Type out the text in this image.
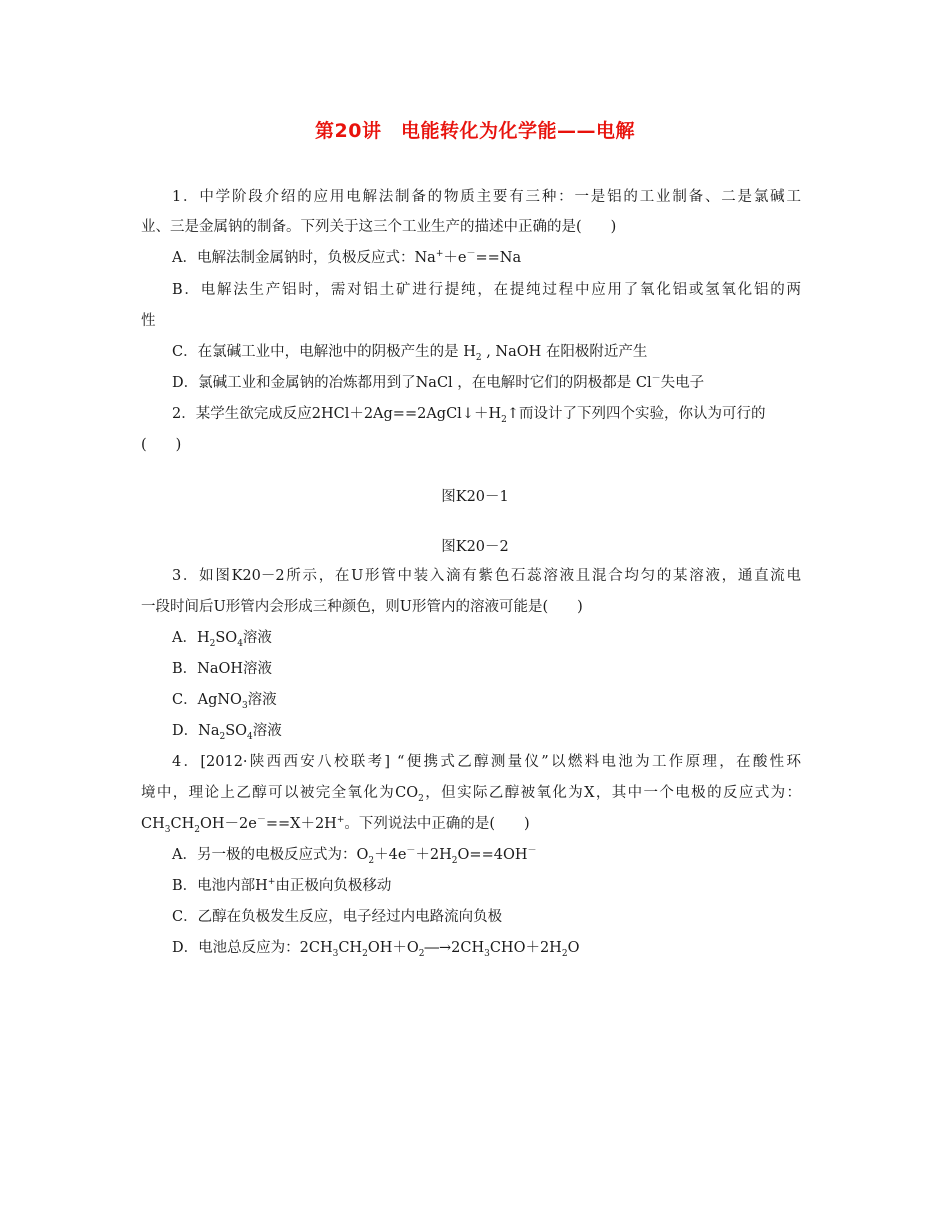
第20讲　电能转化为化学能——电解
1．中学阶段介绍的应用电解法制备的物质主要有三种：一是铝的工业制备、二是氯碱工
业、三是金属钠的制备。下列关于这三个工业生产的描述中正确的是(　　)
A．电解法制金属钠时，负极反应式：Na+＋e－==Na
B．电解法生产铝时，需对铝土矿进行提纯，在提纯过程中应用了氧化铝或氢氧化铝的两
性
C．在氯碱工业中，电解池中的阴极产生的是 $H_2$ , NaOH 在阳极附近产生
D．氯碱工业和金属钠的冶炼都用到了NaCl ，在电解时它们的阴极都是 Cl－失电子
2．某学生欲完成反应$2HCl+2Ag==2AgCl↓+H_2↑$而设计了下列四个实验，你认为可行的
(　　)
图K20－1
图K20－2
3．如图K20－2所示，在U形管中装入滴有紫色石蕊溶液且混合均匀的某溶液，通直流电
一段时间后U形管内会形成三种颜色，则U形管内的溶液可能是(　　)
A．$H_2SO_4$溶液
B．NaOH溶液
C．AgNO$_3$溶液
D．$Na_2SO_4$溶液
4．[2012·陕西西安八校联考] “便携式乙醇测量仪”以燃料电池为工作原理，在酸性环
境中，理论上乙醇可以被完全氧化为$CO_2$，但实际乙醇被氧化为X，其中一个电极的反应式为：
$CH_3CH_2OH-2e^-==X+2H^+$。下列说法中正确的是(　　)
A．另一极的电极反应式为：$O_2+4e^-+2H_2O==4OH^-$
B．电池内部H+由正极向负极移动
C．乙醇在负极发生反应，电子经过内电路流向负极
D．电池总反应为：$2CH_3CH_2OH+O_2―\to 2CH_3CHO+2H_2O$
